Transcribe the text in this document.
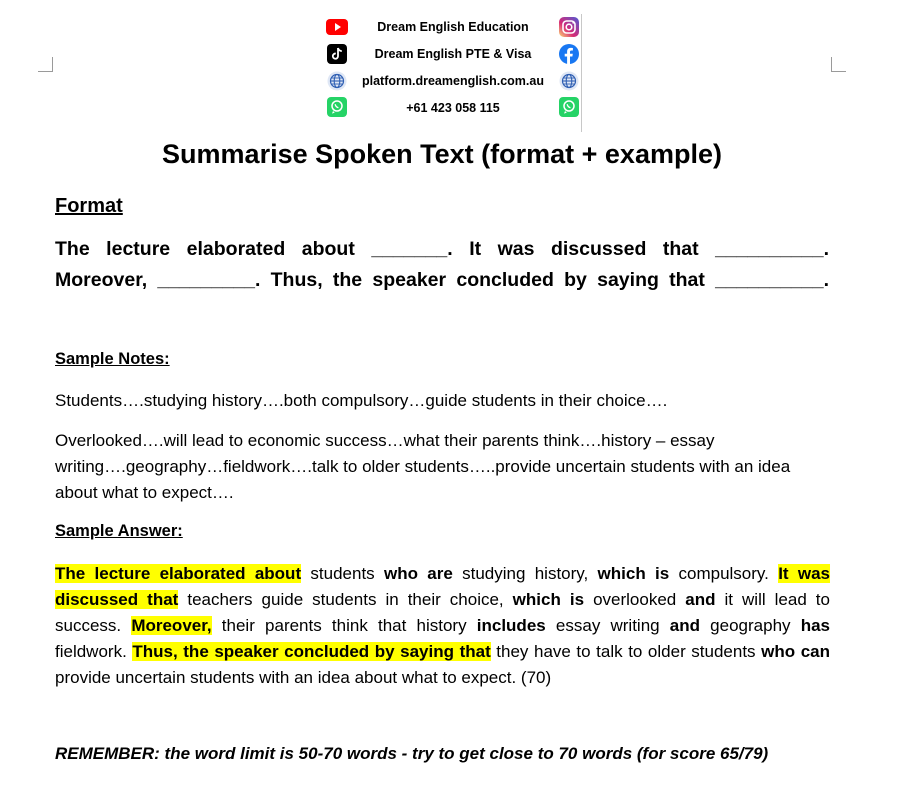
Dream English Education
Dream English PTE & Visa
platform.dreamenglish.com.au
+61 423 058 115
Summarise Spoken Text (format + example)
Format
The lecture elaborated about _______. It was discussed that __________.
Moreover, _________. Thus, the speaker concluded by saying that __________.
Sample Notes:
Students….studying history….both compulsory…guide students in their choice….
Overlooked….will lead to economic success…what their parents think….history – essay writing….geography…fieldwork….talk to older students…..provide uncertain students with an idea about what to expect….
Sample Answer:
The lecture elaborated about students who are studying history, which is compulsory. It was discussed that teachers guide students in their choice, which is overlooked and it will lead to success. Moreover, their parents think that history includes essay writing and geography has fieldwork. Thus, the speaker concluded by saying that they have to talk to older students who can provide uncertain students with an idea about what to expect. (70)
REMEMBER: the word limit is 50-70 words - try to get close to 70 words (for score 65/79)
